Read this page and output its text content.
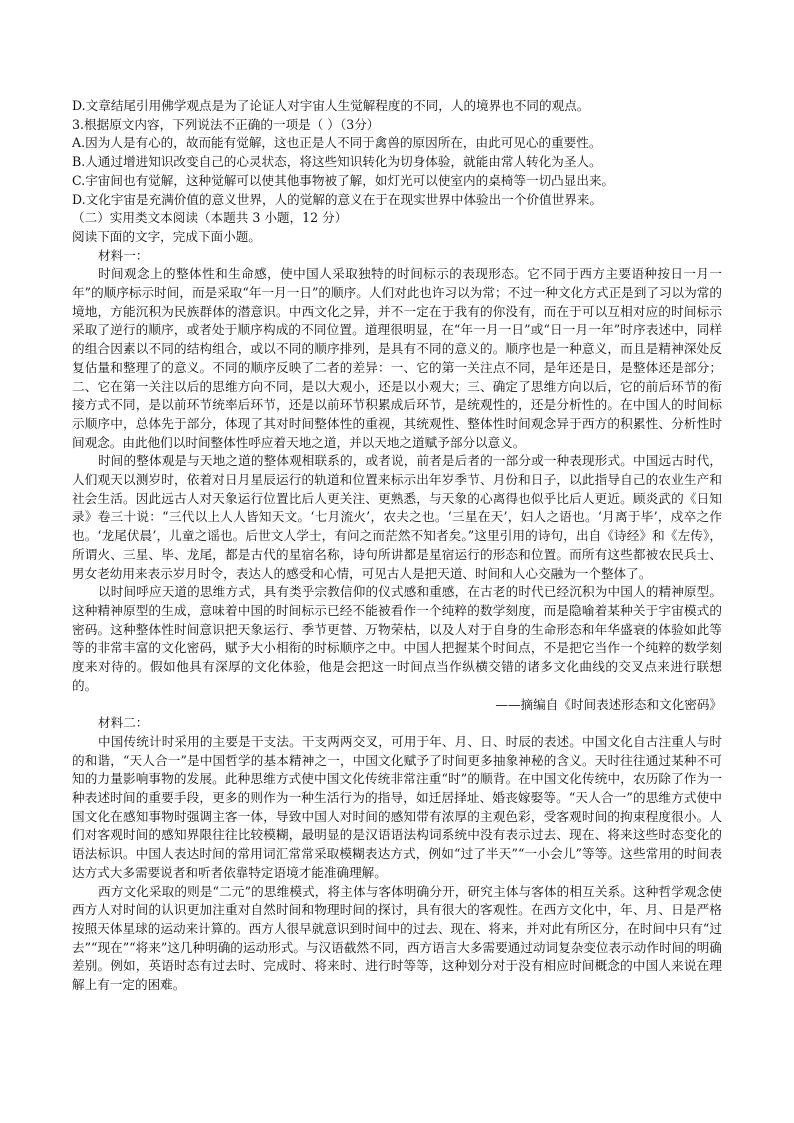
D.文章结尾引用佛学观点是为了论证人对宇宙人生觉解程度的不同，人的境界也不同的观点。
3.根据原文内容，下列说法不正确的一项是（ ）（3分）
A.因为人是有心的，故而能有觉解，这也正是人不同于禽兽的原因所在，由此可见心的重要性。
B.人通过增进知识改变自己的心灵状态，将这些知识转化为切身体验，就能由常人转化为圣人。
C.宇宙间也有觉解，这种觉解可以使其他事物被了解，如灯光可以使室内的桌椅等一切凸显出来。
D.文化宇宙是充满价值的意义世界，人的觉解的意义在于在现实世界中体验出一个价值世界来。
（二）实用类文本阅读（本题共 3 小题，12 分）
阅读下面的文字，完成下面小题。
材料一：
时间观念上的整体性和生命感，使中国人采取独特的时间标示的表现形态。它不同于西方主要语种按日一月一年”的顺序标示时间，而是采取“年一月一日”的顺序。人们对此也许习以为常；不过一种文化方式正是到了习以为常的境地，方能沉积为民族群体的潜意识。中西文化之异，并不一定在于我有的你没有，而在于可以互相对应的时间标示采取了逆行的顺序，或者处于顺序构成的不同位置。道理很明显，在“年一月一日”或“日一月一年”时序表述中，同样的组合因素以不同的结构组合，或以不同的顺序排列，是具有不同的意义的。顺序也是一种意义，而且是精神深处反复估量和整理了的意义。不同的顺序反映了二者的差异：一、它的第一关注点不同，是年还是日，是整体还是部分；二、它在第一关注以后的思维方向不同，是以大观小，还是以小观大；三、确定了思维方向以后，它的前后环节的衔接方式不同，是以前环节统率后环节，还是以前环节积累成后环节，是统观性的，还是分析性的。在中国人的时间标示顺序中，总体先于部分，体现了其对时间整体性的重视，其统观性、整体性时间观念异于西方的积累性、分析性时间观念。由此他们以时间整体性呼应着天地之道，并以天地之道赋予部分以意义。
时间的整体观是与天地之道的整体观相联系的，或者说，前者是后者的一部分或一种表现形式。中国远古时代，人们观天以测岁时，依着对日月星辰运行的轨道和位置来标示出年岁季节、月份和日子，以此指导自己的农业生产和社会生活。因此远古人对天象运行位置比后人更关注、更熟悉，与天象的心离得也似乎比后人更近。顾炎武的《日知录》卷三十说：“三代以上人人皆知天文。‘七月流火’，农夫之也。‘三星在天’，妇人之语也。‘月离于毕’，戍卒之作也。‘龙尾伏晨’，儿童之谣也。后世文人学士，有问之而茫然不知者矣。”这里引用的诗句，出自《诗经》和《左传》，所谓火、三星、毕、龙尾，都是古代的星宿名称，诗句所讲都是星宿运行的形态和位置。而所有这些都被农民兵士、男女老幼用来表示岁月时令，表达人的感受和心情，可见古人是把天道、时间和人心交融为一个整体了。
以时间呼应天道的思维方式，具有类乎宗教信仰的仪式感和重感，在古老的时代已经沉积为中国人的精神原型。这种精神原型的生成，意味着中国的时间标示已经不能被看作一个纯粹的数学刻度，而是隐喻着某种关于宇宙模式的密码。这种整体性时间意识把天象运行、季节更替、万物荣枯，以及人对于自身的生命形态和年华盛衰的体验如此等等的非常丰富的文化密码，赋予大小相衔的时标顺序之中。中国人把握某个时间点，不是把它当作一个纯粹的数学刻度来对待的。假如他具有深厚的文化体验，他是会把这一时间点当作纵横交错的诸多文化曲线的交叉点来进行联想的。
——摘编自《时间表述形态和文化密码》
材料二：
中国传统计时采用的主要是干支法。干支两两交叉，可用于年、月、日、时辰的表述。中国文化自古注重人与时的和谐，“天人合一”是中国哲学的基本精神之一，中国文化赋予了时间更多抽象神秘的含义。天时往往通过某种不可知的力量影响事物的发展。此种思维方式使中国文化传统非常注重“时”的顺背。在中国文化传统中，农历除了作为一种表述时间的重要手段，更多的则作为一种生活行为的指导，如迁居择址、婚丧嫁娶等。“天人合一”的思维方式使中国文化在感知事物时强调主客一体，导致中国人对时间的感知带有浓厚的主观色彩，受客观时间的拘束程度很小。人们对客观时间的感知界限往往比较模糊，最明显的是汉语语法构词系统中没有表示过去、现在、将来这些时态变化的语法标识。中国人表达时间的常用词汇常常采取模糊表达方式，例如“过了半天”“一小会儿”等等。这些常用的时间表达方式大多需要说者和听者依靠特定语境才能准确理解。
西方文化采取的则是“二元”的思维模式，将主体与客体明确分开，研究主体与客体的相互关系。这种哲学观念使西方人对时间的认识更加注重对自然时间和物理时间的探讨，具有很大的客观性。在西方文化中，年、月、日是严格按照天体星球的运动来计算的。西方人很早就意识到时间中的过去、现在、将来，并对此有所区分，在时间中只有“过去”“现在”“将来”这几种明确的运动形式。与汉语截然不同，西方语言大多需要通过动词复杂变位表示动作时间的明确差别。例如，英语时态有过去时、完成时、将来时、进行时等等，这种划分对于没有相应时间概念的中国人来说在理解上有一定的困难。
